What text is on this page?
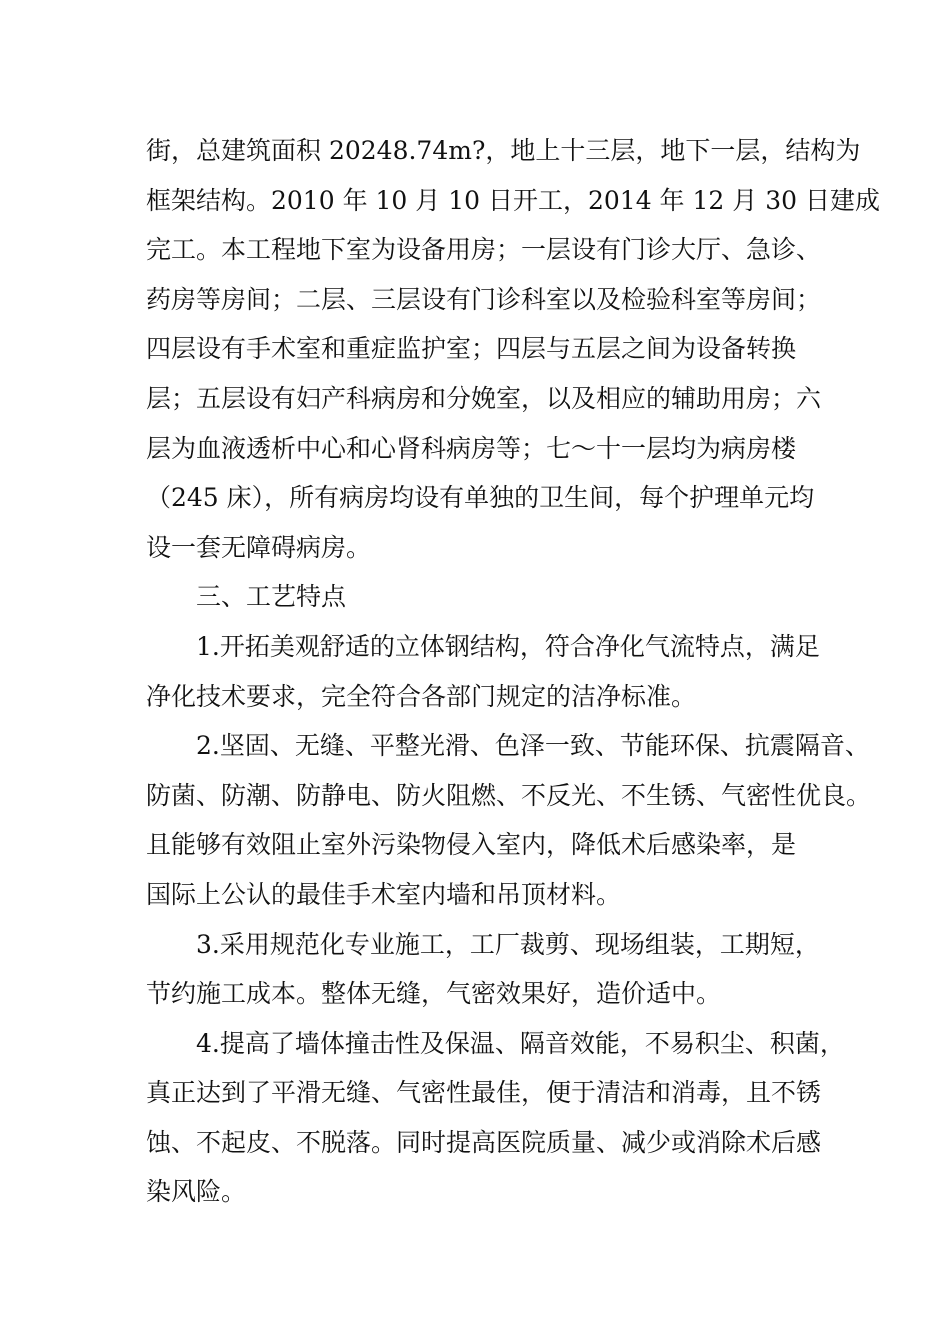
街，总建筑面积 20248.74m?，地上十三层，地下一层，结构为
框架结构。2010 年 10 月 10 日开工，2014 年 12 月 30 日建成
完工。本工程地下室为设备用房；一层设有门诊大厅、急诊、
药房等房间；二层、三层设有门诊科室以及检验科室等房间；
四层设有手术室和重症监护室；四层与五层之间为设备转换
层；五层设有妇产科病房和分娩室，以及相应的辅助用房；六
层为血液透析中心和心肾科病房等；七～十一层均为病房楼
（245 床），所有病房均设有单独的卫生间，每个护理单元均
设一套无障碍病房。

三、工艺特点

1.开拓美观舒适的立体钢结构，符合净化气流特点，满足
净化技术要求，完全符合各部门规定的洁净标准。

2.坚固、无缝、平整光滑、色泽一致、节能环保、抗震隔音、
防菌、防潮、防静电、防火阻燃、不反光、不生锈、气密性优良。
且能够有效阻止室外污染物侵入室内，降低术后感染率，是
国际上公认的最佳手术室内墙和吊顶材料。

3.采用规范化专业施工，工厂裁剪、现场组装，工期短，
节约施工成本。整体无缝，气密效果好，造价适中。

4.提高了墙体撞击性及保温、隔音效能，不易积尘、积菌，
真正达到了平滑无缝、气密性最佳，便于清洁和消毒，且不锈
蚀、不起皮、不脱落。同时提高医院质量、减少或消除术后感
染风险。
